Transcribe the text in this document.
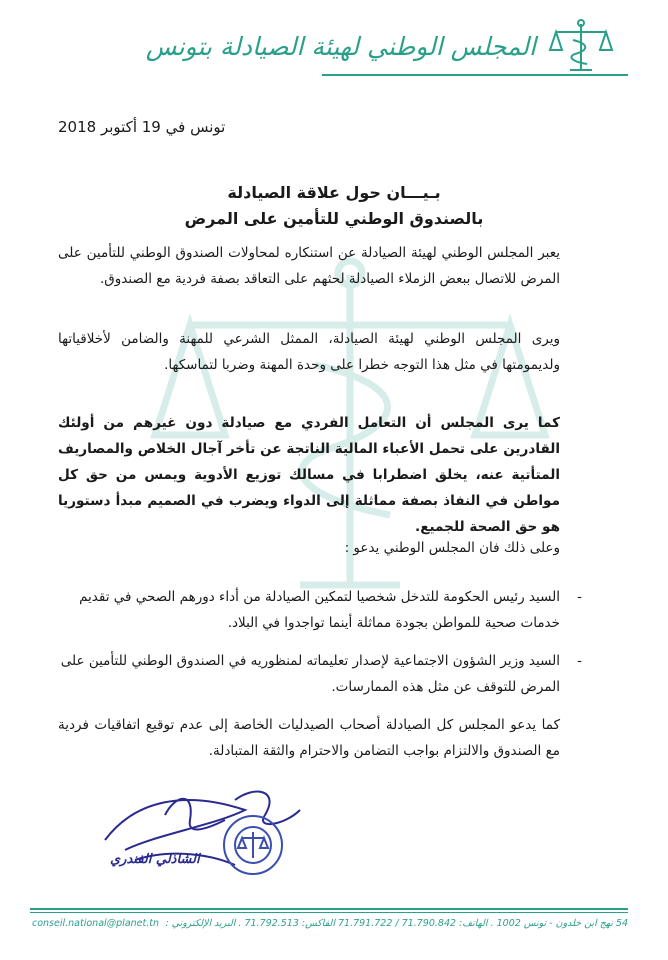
المجلس الوطني لهيئة الصيادلة بتونس
تونس في 19 أكتوبر 2018
بـيـــان حول علاقة الصيادلة
بالصندوق الوطني للتأمين على المرض
يعبر المجلس الوطني لهيئة الصيادلة عن استنكاره لمحاولات الصندوق الوطني للتأمين على المرض للاتصال ببعض الزملاء الصيادلة لحثهم على التعاقد بصفة فردية مع الصندوق.
ويرى المجلس الوطني لهيئة الصيادلة، الممثل الشرعي للمهنة والضامن لأخلاقياتها ولديمومتها في مثل هذا التوجه خطرا على وحدة المهنة وضربا لتماسكها.
كما يرى المجلس أن التعامل الفردي مع صيادلة دون غيرهم من أولئك القادرين على تحمل الأعباء المالية الناتجة عن تأخر آجال الخلاص والمصاريف المتأتية عنه، يخلق اضطرابا في مسالك توزيع الأدوية ويمس من حق كل مواطن في النفاذ بصفة مماثلة إلى الدواء ويضرب في الصميم مبدأ دستوريا هو حق الصحة للجميع.
وعلى ذلك فان المجلس الوطني يدعو :
-
السيد رئيس الحكومة للتدخل شخصيا لتمكين الصيادلة من أداء دورهم الصحي في تقديم خدمات صحية للمواطن بجودة مماثلة أينما تواجدوا في البلاد.
-
السيد وزير الشؤون الاجتماعية لإصدار تعليماته لمنظوريه في الصندوق الوطني للتأمين على المرض للتوقف عن مثل هذه الممارسات.
كما يدعو المجلس كل الصيادلة أصحاب الصيدليات الخاصة إلى عدم توقيع اتفاقيات فردية مع الصندوق والالتزام بواجب التضامن والاحترام والثقة المتبادلة.
الشاذلي الفندري
54 نهج ابن خلدون - تونس 1002 . الهاتف: 71.790.842 / 71.791.722 الفاكس: 71.792.513 . البريد الإلكتروني :
conseil.national@planet.tn
